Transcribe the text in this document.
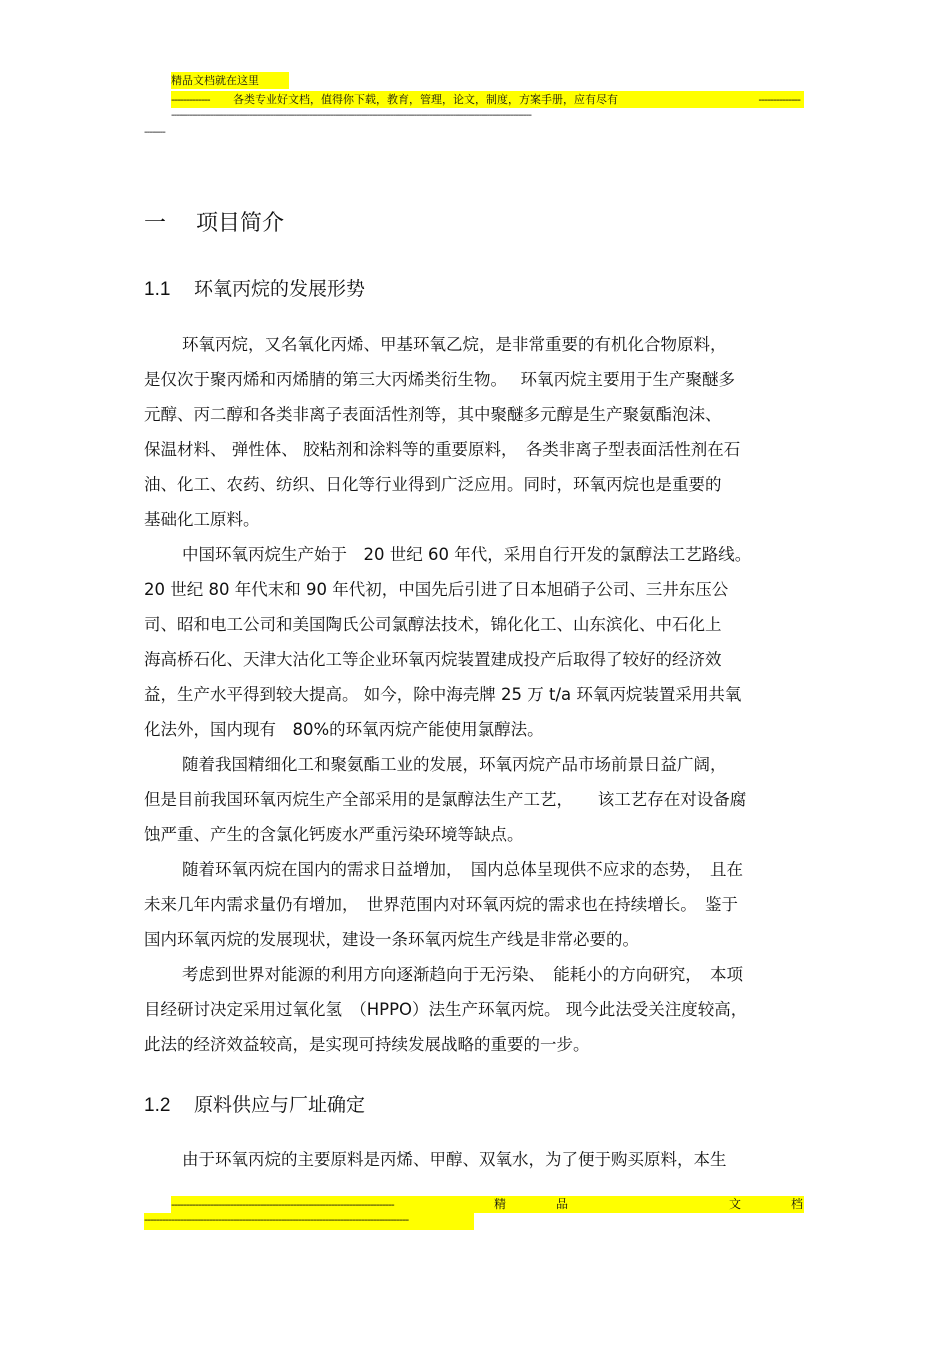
精品文档就在这里
------------- 各类专业好文档，值得你下载，教育，管理，论文，制度，方案手册，应有尽有	--------------
------------------------------------------------------------------------------------------------------------------------------------------
--------
一 项目简介
1.1 环氧丙烷的发展形势
环氧丙烷，又名氧化丙烯、甲基环氧乙烷，是非常重要的有机化合物原料，
是仅次于聚丙烯和丙烯腈的第三大丙烯类衍生物。　 环氧丙烷主要用于生产聚醚多
元醇、丙二醇和各类非离子表面活性剂等，其中聚醚多元醇是生产聚氨酯泡沫、
保温材料、 弹性体、 胶粘剂和涂料等的重要原料，　各类非离子型表面活性剂在石
油、化工、农药、纺织、日化等行业得到广泛应用。同时，环氧丙烷也是重要的
基础化工原料。
中国环氧丙烷生产始于　20 世纪 60 年代，采用自行开发的氯醇法工艺路线。
20 世纪 80 年代末和 90 年代初，中国先后引进了日本旭硝子公司、三井东压公
司、昭和电工公司和美国陶氏公司氯醇法技术，锦化化工、山东滨化、中石化上
海高桥石化、天津大沽化工等企业环氧丙烷装置建成投产后取得了较好的经济效
益，生产水平得到较大提高。 如今，除中海壳牌 25 万 t/a 环氧丙烷装置采用共氧
化法外，国内现有　80%的环氧丙烷产能使用氯醇法。
随着我国精细化工和聚氨酯工业的发展，环氧丙烷产品市场前景日益广阔，
但是目前我国环氧丙烷生产全部采用的是氯醇法生产工艺，　　该工艺存在对设备腐
蚀严重、产生的含氯化钙废水严重污染环境等缺点。
随着环氧丙烷在国内的需求日益增加，　国内总体呈现供不应求的态势，　且在
未来几年内需求量仍有增加，　世界范围内对环氧丙烷的需求也在持续增长。　鉴于
国内环氧丙烷的发展现状，建设一条环氧丙烷生产线是非常必要的。
考虑到世界对能源的利用方向逐渐趋向于无污染、　能耗小的方向研究，　本项
目经研讨决定采用过氧化氢　（HPPO）法生产环氧丙烷。 现今此法受关注度较高，
此法的经济效益较高，是实现可持续发展战略的重要的一步。
1.2 原料供应与厂址确定
由于环氧丙烷的主要原料是丙烯、甲醇、双氧水，为了便于购买原料，本生
---------------------------------------------------------------------------	精	品	文	档
-----------------------------------------------------------------------------------------
